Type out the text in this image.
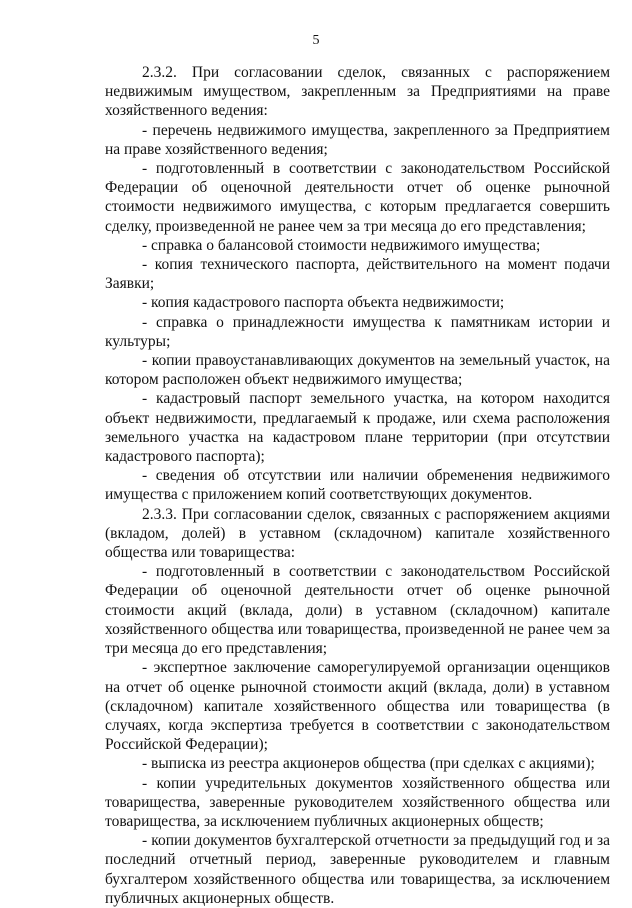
5

2.3.2. При согласовании сделок, связанных с распоряжением недвижимым имуществом, закрепленным за Предприятиями на праве хозяйственного ведения:

- перечень недвижимого имущества, закрепленного за Предприятием на праве хозяйственного ведения;

- подготовленный в соответствии с законодательством Российской Федерации об оценочной деятельности отчет об оценке рыночной стоимости недвижимого имущества, с которым предлагается совершить сделку, произведенной не ранее чем за три месяца до его представления;

- справка о балансовой стоимости недвижимого имущества;

- копия технического паспорта, действительного на момент подачи Заявки;

- копия кадастрового паспорта объекта недвижимости;

- справка о принадлежности имущества к памятникам истории и культуры;

- копии правоустанавливающих документов на земельный участок, на котором расположен объект недвижимого имущества;

- кадастровый паспорт земельного участка, на котором находится объект недвижимости, предлагаемый к продаже, или схема расположения земельного участка на кадастровом плане территории (при отсутствии кадастрового паспорта);

- сведения об отсутствии или наличии обременения недвижимого имущества с приложением копий соответствующих документов.

2.3.3. При согласовании сделок, связанных с распоряжением акциями (вкладом, долей) в уставном (складочном) капитале хозяйственного общества или товарищества:

- подготовленный в соответствии с законодательством Российской Федерации об оценочной деятельности отчет об оценке рыночной стоимости акций (вклада, доли) в уставном (складочном) капитале хозяйственного общества или товарищества, произведенной не ранее чем за три месяца до его представления;

- экспертное заключение саморегулируемой организации оценщиков на отчет об оценке рыночной стоимости акций (вклада, доли) в уставном (складочном) капитале хозяйственного общества или товарищества (в случаях, когда экспертиза требуется в соответствии с законодательством Российской Федерации);

- выписка из реестра акционеров общества (при сделках с акциями);

- копии учредительных документов хозяйственного общества или товарищества, заверенные руководителем хозяйственного общества или товарищества, за исключением публичных акционерных обществ;

- копии документов бухгалтерской отчетности за предыдущий год и за последний отчетный период, заверенные руководителем и главным бухгалтером хозяйственного общества или товарищества, за исключением публичных акционерных обществ.
